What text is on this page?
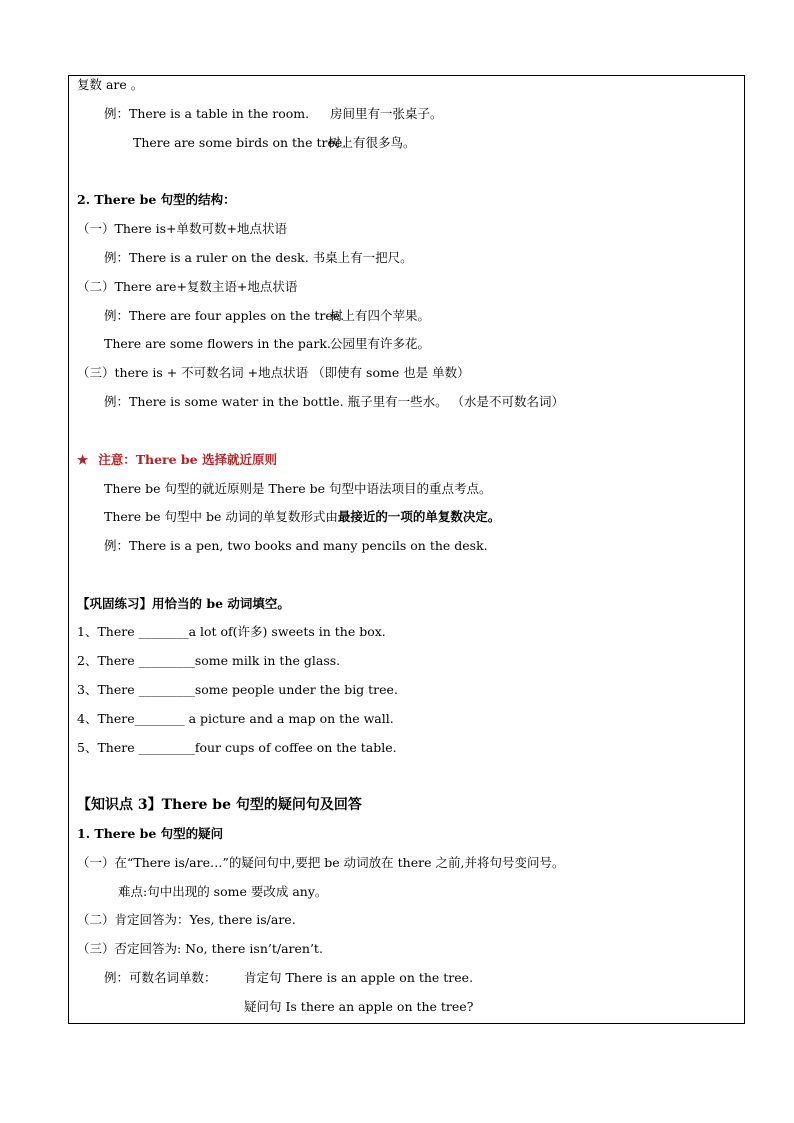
复数 are 。
例：There is a table in the room. 房间里有一张桌子。
There are some birds on the tree.
树上有很多鸟。
2. There be 句型的结构：
（一）There is+单数可数+地点状语
例：There is a ruler on the desk. 书桌上有一把尺。
（二）There are+复数主语+地点状语
例：There are four apples on the tree.
树上有四个苹果。
There are some flowers in the park. 公园里有许多花。
（三）there is + 不可数名词 +地点状语 （即使有 some 也是 单数）
例：There is some water in the bottle. 瓶子里有一些水。 （水是不可数名词）
★ 注意：There be 选择就近原则
There be 句型的就近原则是 There be 句型中语法项目的重点考点。
There be 句型中 be 动词的单复数形式由最接近的一项的单复数决定。
例：There is a pen, two books and many pencils on the desk.
【巩固练习】用恰当的 be 动词填空。
1、There ________a lot of(许多) sweets in the box.
2、There _________some milk in the glass.
3、There _________some people under the big tree.
4、There________ a picture and a map on the wall.
5、There _________four cups of coffee on the table.
【知识点 3】There be 句型的疑问句及回答
1. There be 句型的疑问
（一）在“There is/are…”的疑问句中,要把 be 动词放在 there 之前,并将句号变问号。
难点:句中出现的 some 要改成 any。
（二）肯定回答为：Yes, there is/are.
（三）否定回答为: No, there isn’t/aren’t.
例：可数名词单数： 肯定句 There is an apple on the tree.
疑问句 Is there an apple on the tree?
